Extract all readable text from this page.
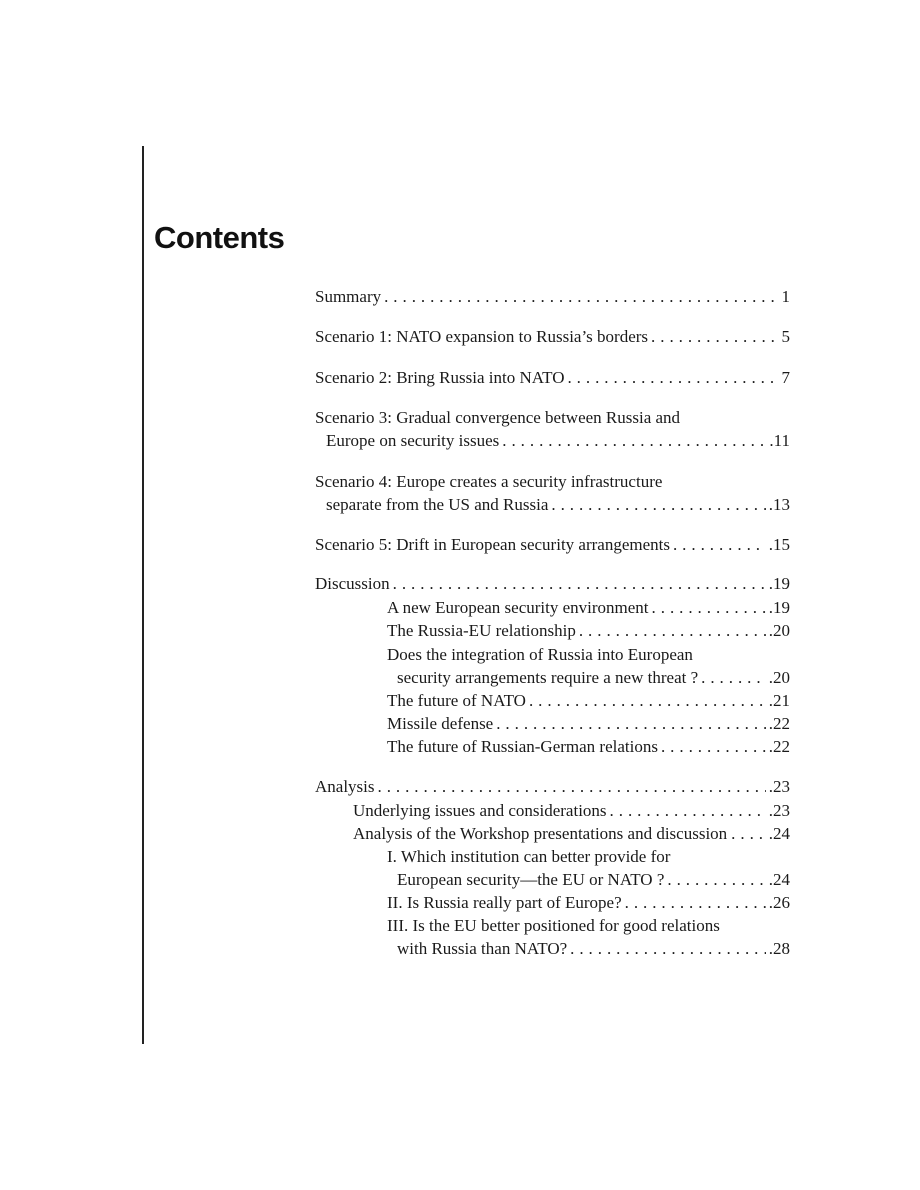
Contents
Summary . . .	1
Scenario 1: NATO expansion to Russia’s borders . . .	5
Scenario 2: Bring Russia into NATO . . .	7
Scenario 3: Gradual convergence between Russia and
Europe on security issues . . .	.11
Scenario 4: Europe creates a security infrastructure
separate from the US and Russia . . .	.13
Scenario 5: Drift in European security arrangements . . .	.15
Discussion . . .	.19
A new European security environment . . .	.19
The Russia-EU relationship . . .	.20
Does the integration of Russia into European
security arrangements require a new threat ? . . .	.20
The future of NATO . . .	.21
Missile defense . . .	.22
The future of Russian-German relations . . .	.22
Analysis . . .	.23
Underlying issues and considerations . . .	.23
Analysis of the Workshop presentations and discussion . . . .24
I. Which institution can better provide for
European security—the EU or NATO ? . . .	.24
II. Is Russia really part of Europe? . . .	.26
III. Is the EU better positioned for good relations
with Russia than NATO? . . .	.28
